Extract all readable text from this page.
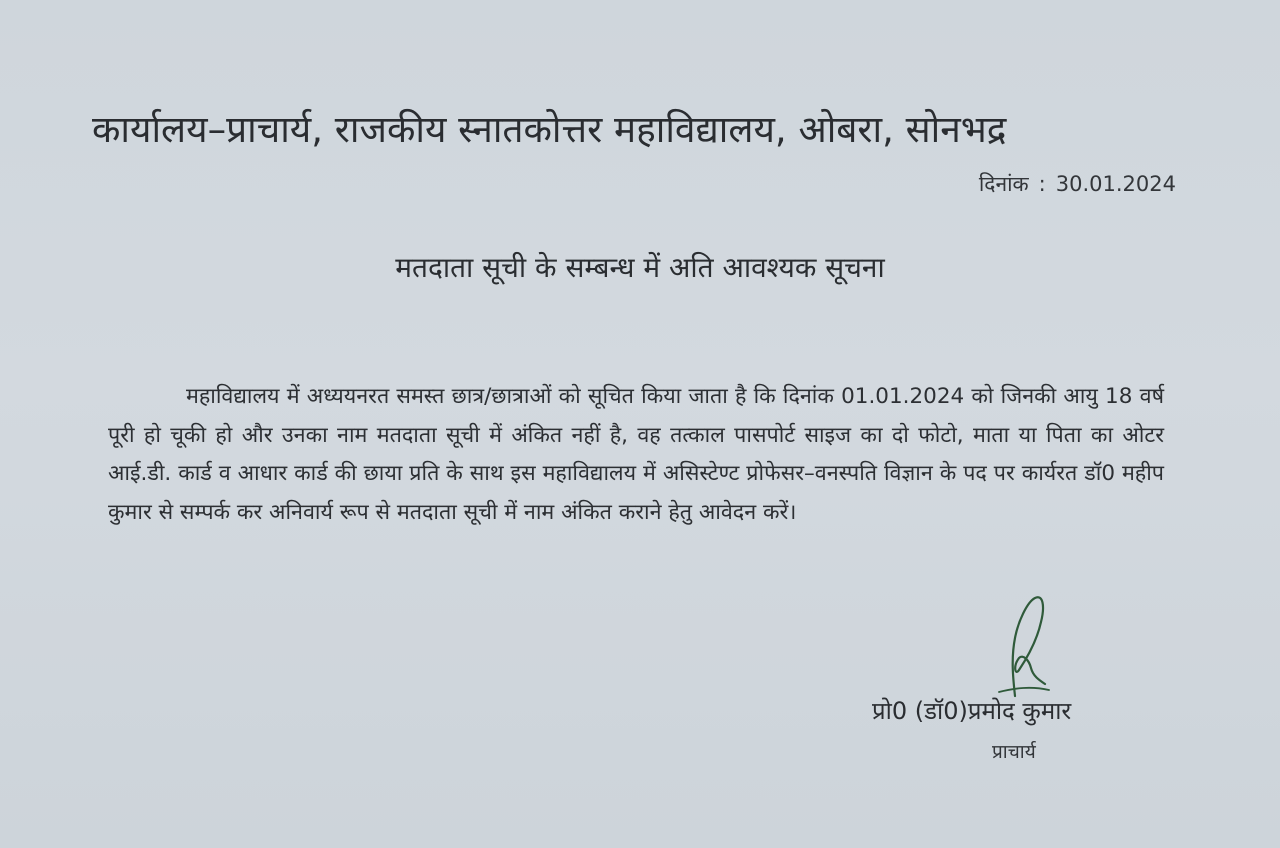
कार्यालय–प्राचार्य, राजकीय स्नातकोत्तर महाविद्यालय, ओबरा, सोनभद्र
दिनांक : 30.01.2024
मतदाता सूची के सम्बन्ध में अति आवश्यक सूचना

महाविद्यालय में अध्ययनरत समस्त छात्र/छात्राओं को सूचित किया जाता है कि दिनांक 01.01.2024 को जिनकी आयु 18 वर्ष पूरी हो चूकी हो और उनका नाम मतदाता सूची में अंकित नहीं है, वह तत्काल पासपोर्ट साइज का दो फोटो, माता या पिता का ओटर आई.डी. कार्ड व आधार कार्ड की छाया प्रति के साथ इस महाविद्यालय में असिस्टेण्ट प्रोफेसर–वनस्पति विज्ञान के पद पर कार्यरत डॉ0 महीप कुमार से सम्पर्क कर अनिवार्य रूप से मतदाता सूची में नाम अंकित कराने हेतु आवेदन करें।

प्रो0 (डॉ0)प्रमोद कुमार
प्राचार्य
